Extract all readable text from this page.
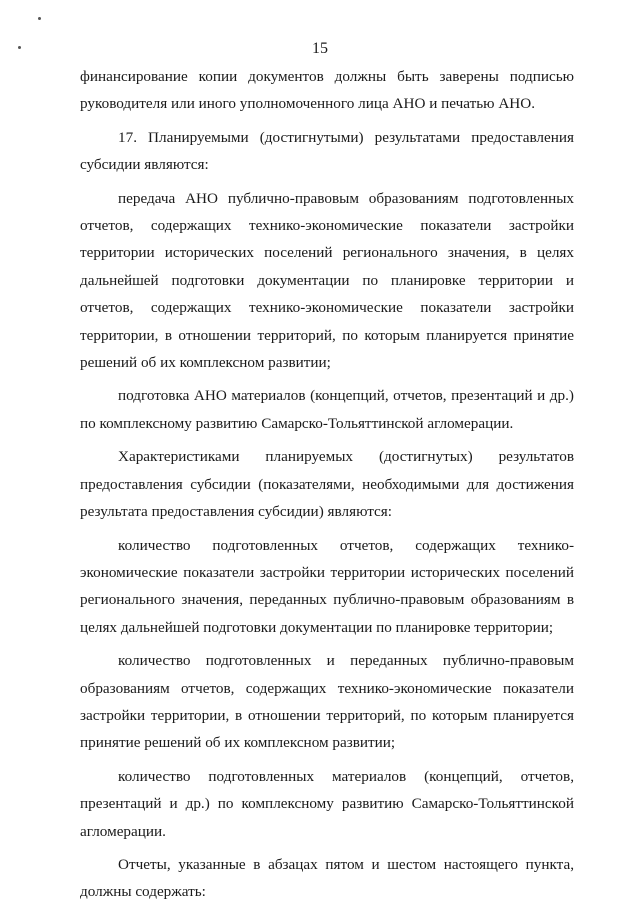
15

финансирование копии документов должны быть заверены подписью руководителя или иного уполномоченного лица АНО и печатью АНО.

17. Планируемыми (достигнутыми) результатами предоставления субсидии являются:

передача АНО публично-правовым образованиям подготовленных отчетов, содержащих технико-экономические показатели застройки территории исторических поселений регионального значения, в целях дальнейшей подготовки документации по планировке территории и отчетов, содержащих технико-экономические показатели застройки территории, в отношении территорий, по которым планируется принятие решений об их комплексном развитии;

подготовка АНО материалов (концепций, отчетов, презентаций и др.) по комплексному развитию Самарско-Тольяттинской агломерации.

Характеристиками планируемых (достигнутых) результатов предоставления субсидии (показателями, необходимыми для достижения результата предоставления субсидии) являются:

количество подготовленных отчетов, содержащих технико-экономические показатели застройки территории исторических поселений регионального значения, переданных публично-правовым образованиям в целях дальнейшей подготовки документации по планировке территории;

количество подготовленных и переданных публично-правовым образованиям отчетов, содержащих технико-экономические показатели застройки территории, в отношении территорий, по которым планируется принятие решений об их комплексном развитии;

количество подготовленных материалов (концепций, отчетов, презентаций и др.) по комплексному развитию Самарско-Тольяттинской агломерации.

Отчеты, указанные в абзацах пятом и шестом настоящего пункта, должны содержать:
